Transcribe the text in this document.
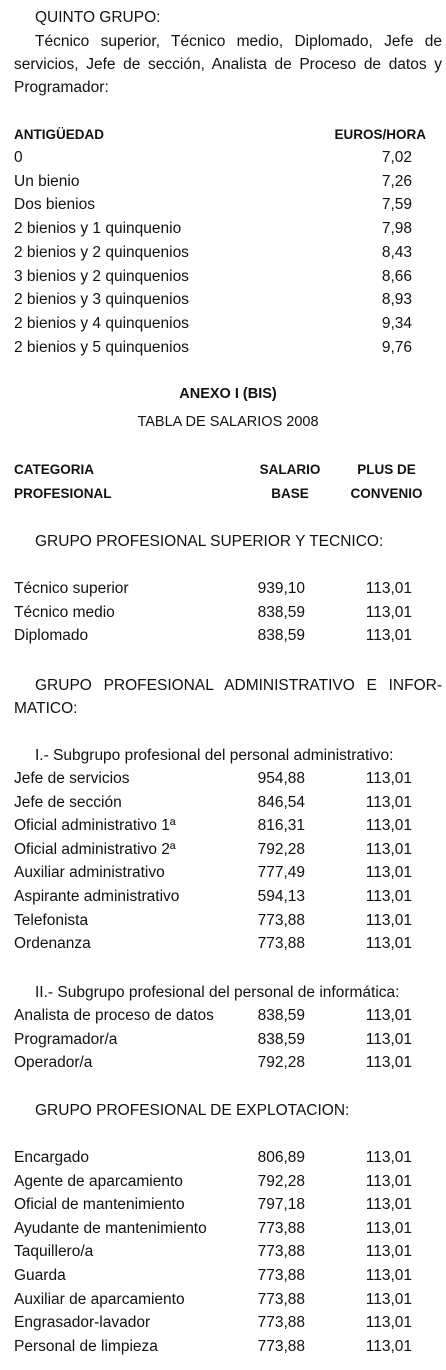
QUINTO GRUPO:
Técnico superior, Técnico medio, Diplomado, Jefe de servicios, Jefe de sección, Analista de Proceso de datos y Programador:
ANTIGÜEDAD	EUROS/HORA
0	7,02
Un bienio	7,26
Dos bienios	7,59
2 bienios y 1 quinquenio	7,98
2 bienios y 2 quinquenios	8,43
3 bienios y 2 quinquenios	8,66
2 bienios y 3 quinquenios	8,93
2 bienios y 4 quinquenios	9,34
2 bienios y 5 quinquenios	9,76
ANEXO I (BIS)
TABLA DE SALARIOS 2008
CATEGORIA	SALARIO	PLUS DE
PROFESIONAL	BASE	CONVENIO
GRUPO PROFESIONAL SUPERIOR Y TECNICO:
Técnico superior	939,10	113,01
Técnico medio	838,59	113,01
Diplomado	838,59	113,01
GRUPO PROFESIONAL ADMINISTRATIVO E INFOR-MATICO:
I.- Subgrupo profesional del personal administrativo:
Jefe de servicios	954,88	113,01
Jefe de sección	846,54	113,01
Oficial administrativo 1ª	816,31	113,01
Oficial administrativo 2ª	792,28	113,01
Auxiliar administrativo	777,49	113,01
Aspirante administrativo	594,13	113,01
Telefonista	773,88	113,01
Ordenanza	773,88	113,01
II.- Subgrupo profesional del personal de informática:
Analista de proceso de datos	838,59	113,01
Programador/a	838,59	113,01
Operador/a	792,28	113,01
GRUPO PROFESIONAL DE EXPLOTACION:
Encargado	806,89	113,01
Agente de aparcamiento	792,28	113,01
Oficial de mantenimiento	797,18	113,01
Ayudante de mantenimiento	773,88	113,01
Taquillero/a	773,88	113,01
Guarda	773,88	113,01
Auxiliar de aparcamiento	773,88	113,01
Engrasador-lavador	773,88	113,01
Personal de limpieza	773,88	113,01
